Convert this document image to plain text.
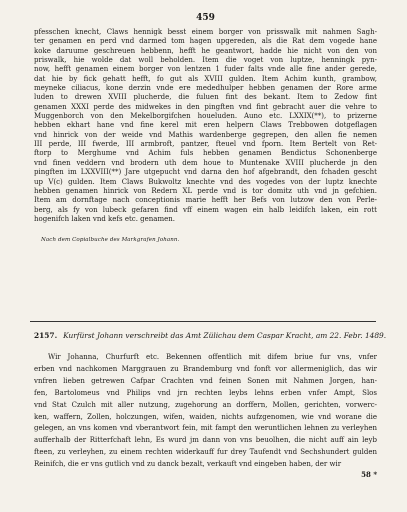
459
pfesschen knecht, Claws hennigk besst einem borger von prisswalk mit nahmen Sagh-
ter genamen en perd vnd darmed tom hagen upgereden, als die Rat dem vogede hane
koke daruume geschreuen hebbenn, hefft he geantwort, hadde hie nicht von den von
priswalk, hie wolde dat woll beholden. Item die voget von luptze, henningk pyn-
now, hefft genamen einem borger von lentzen 1 fuder falts vnde alle fine ander gerede,
dat hie by fick gehatt hefft, fo gut als XVIII gulden. Item Achim kunth, grambow,
meyneke ciliacus, kone derzin vnde ere mededhulper hebben genamen der Rore arme
luden to drewen XVIII plucherde, die fuluen fint des bekant. Item to Zedow fint
genamen XXXI perde des midwekes in den pingften vnd fint gebracht auer die vehre to
Muggenborch von den Mekelborgifchen houeluden. Auno etc. LXXIX(**), to prizerne
hebben ekhart hane vnd fine kerel mit eren helpern Claws Trebbowen dotgeflagen
vnd hinrick von der weide vnd Mathis wardenberge gegrepen, den allen fie nemen
III perde, III fwerde, III armbroft, pantzer, fteuel vnd fporn. Item Bertelt von Ret-
ftorp to Merghume vnd Achim fuls hebben genamen Bendictus Schonenberge
vnd finen veddern vnd brodern uth dem houe to Muntenake XVIII plucherde jn den
pingften im LXXVIII(**) Jare utgepucht vnd darna den hof afgebrandt, den fchaden gescht
up V(c) gulden. Item Claws Bukwoltz knechte vnd des vogedes von der luptz knechte
hebben genamen hinrick von Redern XL perde vnd is tor domitz uth vnd jn gefchien.
Item am dornftage nach conceptionis marie hefft her Befs von lutzow den von Perle-
berg, als fy von lubeck gefaren find vff einem wagen ein halb leidifch laken, ein rott
hogenifch laken vnd kefs etc. genamen.
Nach dem Copialbuche des Markgrafen Johann.
2157. Kurfürst Johann verschreibt das Amt Zülichau dem Caspar Kracht, am 22. Febr. 1489.
Wir Johanna, Churfurft etc. Bekennen offentlich mit difem briue fur vns, vnfer
erben vnd nachkomen Marggrauen zu Brandemburg vnd fonft vor allermeniglich, das wir
vnfren lieben getrewen Cafpar Crachten vnd feinen Sonen mit Nahmen Jorgen, han-
fen, Bartolomeus vnd Philips vnd jrn rechten leybs lehns erben vnfer Ampt, Slos
vnd Stat Czulch mit aller nutzung, zugehorung an dorffern, Mollen, gerichten, vorwerc-
ken, waffern, Zollen, holczungen, wifen, waiden, nichts aufzgenomen, wie vnd worane die
gelegen, an vns komen vnd vberantwort fein, mit fampt den weruntlichen lehnen zu verleyhen
aufferhalb der Ritterfchaft lehn, Es wurd jm dann von vns beuolhen, die nicht auff ain leyb
fteen, zu verleyhen, zu einem rechten widerkauff fur drey Taufendt vnd Sechshundert gulden
Reinifch, die er vns gutlich vnd zu danck bezalt, verkauft vnd eingeben haben, der wir
58 *
